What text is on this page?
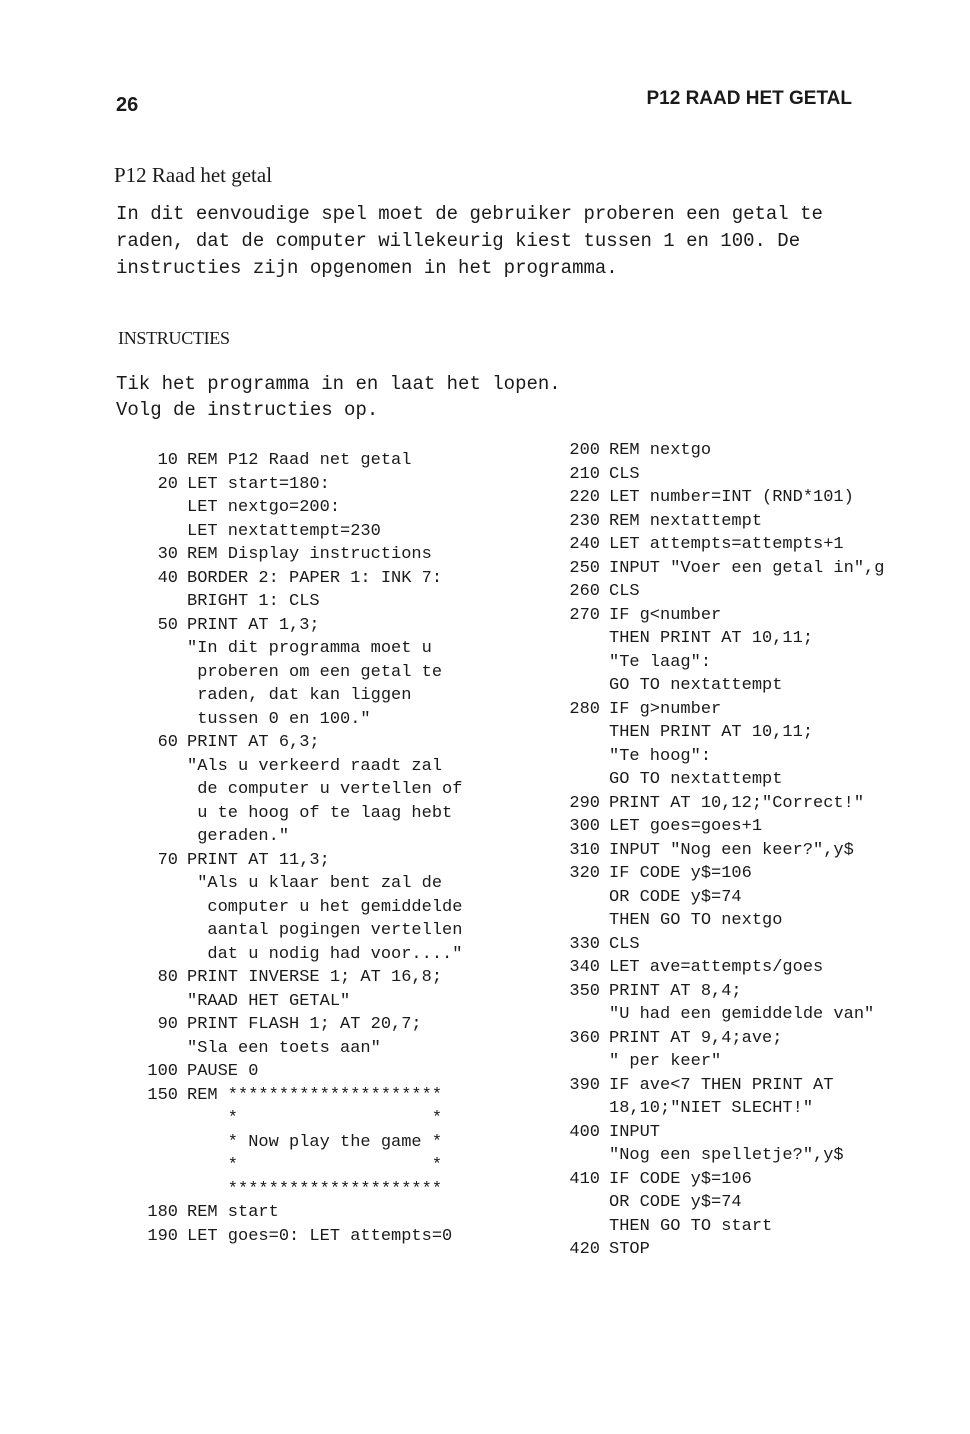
26	P12 RAAD HET GETAL
P12 Raad het getal
In dit eenvoudige spel moet de gebruiker proberen een getal te
raden, dat de computer willekeurig kiest tussen 1 en 100. De
instructies zijn opgenomen in het programma.
INSTRUCTIES
Tik het programma in en laat het lopen.
Volg de instructies op.
10 REM P12 Raad net getal
20 LET start=180:
LET nextgo=200:
LET nextattempt=230
30 REM Display instructions
40 BORDER 2: PAPER 1: INK 7:
BRIGHT 1: CLS
50 PRINT AT 1,3;
"In dit programma moet u
proberen om een getal te
raden, dat kan liggen
tussen 0 en 100."
60 PRINT AT 6,3;
"Als u verkeerd raadt zal
de computer u vertellen of
u te hoog of te laag hebt
geraden."
70 PRINT AT 11,3;
"Als u klaar bent zal de
computer u het gemiddelde
aantal pogingen vertellen
dat u nodig had voor...."
80 PRINT INVERSE 1; AT 16,8;
"RAAD HET GETAL"
90 PRINT FLASH 1; AT 20,7;
"Sla een toets aan"
100 PAUSE 0
150 REM *********************
*                   *
* Now play the game *
*                   *
*********************
180 REM start
190 LET goes=0: LET attempts=0
200 REM nextgo
210 CLS
220 LET number=INT (RND*101)
230 REM nextattempt
240 LET attempts=attempts+1
250 INPUT "Voer een getal in",g
260 CLS
270 IF g<number
THEN PRINT AT 10,11;
"Te laag":
GO TO nextattempt
280 IF g>number
THEN PRINT AT 10,11;
"Te hoog":
GO TO nextattempt
290 PRINT AT 10,12;"Correct!"
300 LET goes=goes+1
310 INPUT "Nog een keer?",y$
320 IF CODE y$=106
OR CODE y$=74
THEN GO TO nextgo
330 CLS
340 LET ave=attempts/goes
350 PRINT AT 8,4;
"U had een gemiddelde van"
360 PRINT AT 9,4;ave;
" per keer"
390 IF ave<7 THEN PRINT AT
18,10;"NIET SLECHT!"
400 INPUT
"Nog een spelletje?",y$
410 IF CODE y$=106
OR CODE y$=74
THEN GO TO start
420 STOP
